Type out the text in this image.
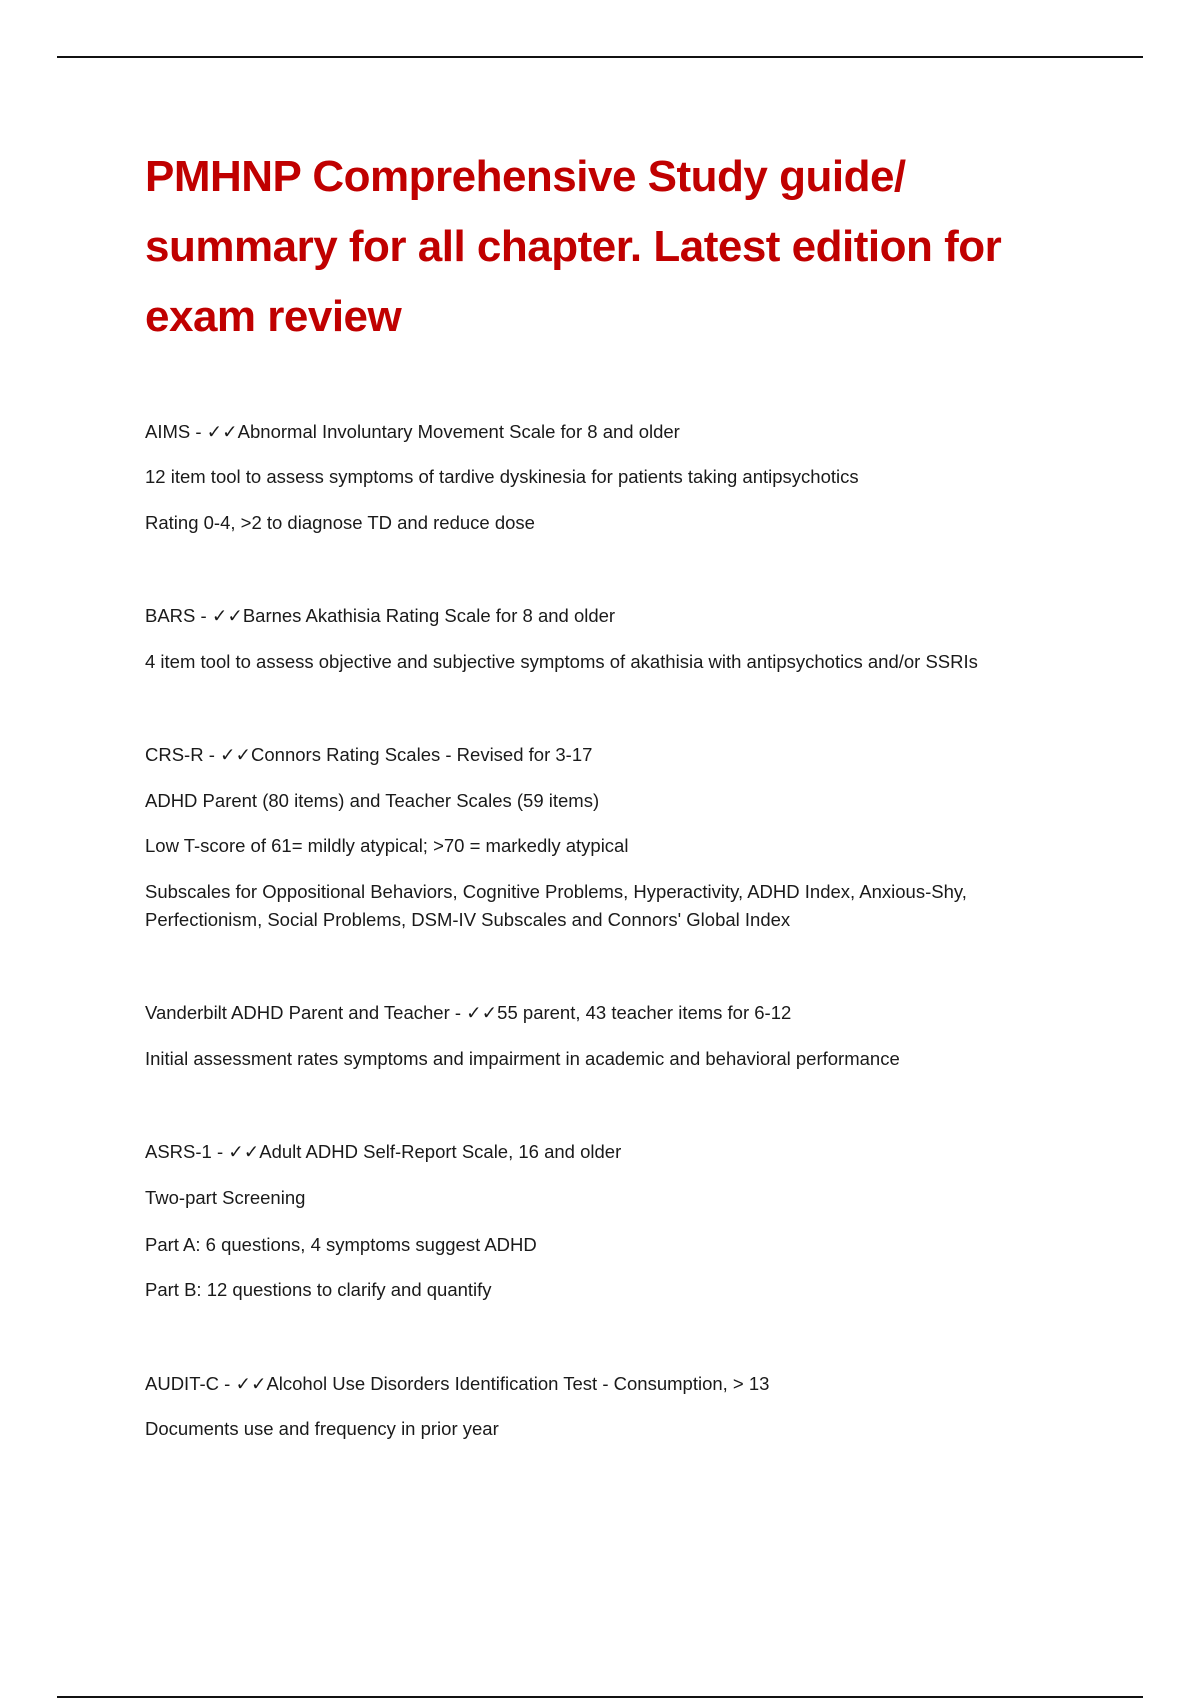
PMHNP Comprehensive Study guide/ summary for all chapter. Latest edition for exam review
AIMS - ✓✓Abnormal Involuntary Movement Scale for 8 and older
12 item tool to assess symptoms of tardive dyskinesia for patients taking antipsychotics
Rating 0-4, >2 to diagnose TD and reduce dose
BARS - ✓✓Barnes Akathisia Rating Scale for 8 and older
4 item tool to assess objective and subjective symptoms of akathisia with antipsychotics and/or SSRIs
CRS-R - ✓✓Connors Rating Scales - Revised for 3-17
ADHD Parent (80 items) and Teacher Scales (59 items)
Low T-score of 61= mildly atypical; >70 = markedly atypical
Subscales for Oppositional Behaviors, Cognitive Problems, Hyperactivity, ADHD Index, Anxious-Shy,
Perfectionism, Social Problems, DSM-IV Subscales and Connors' Global Index
Vanderbilt ADHD Parent and Teacher - ✓✓55 parent, 43 teacher items for 6-12
Initial assessment rates symptoms and impairment in academic and behavioral performance
ASRS-1 - ✓✓Adult ADHD Self-Report Scale, 16 and older
Two-part Screening
Part A: 6 questions, 4 symptoms suggest ADHD
Part B: 12 questions to clarify and quantify
AUDIT-C - ✓✓Alcohol Use Disorders Identification Test - Consumption, > 13
Documents use and frequency in prior year
